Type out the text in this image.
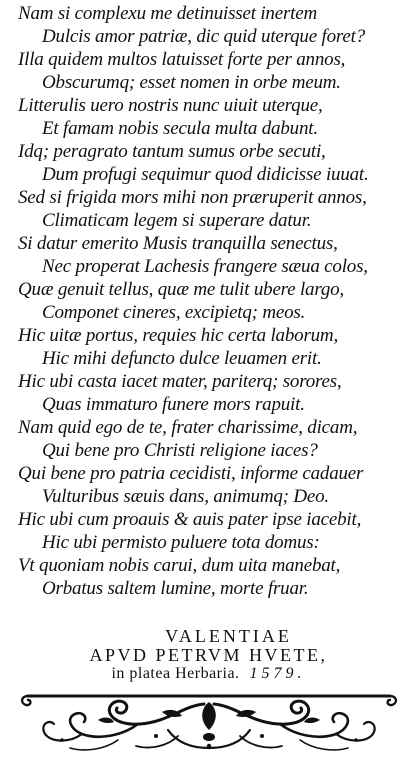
Nam si complexu me detinuisset inertem
Dulcis amor patriæ, dic quid uterque foret?
Illa quidem multos latuisset forte per annos,
Obscurumq; esset nomen in orbe meum.
Litterulis uero nostris nunc uiuit uterque,
Et famam nobis secula multa dabunt.
Idq; peragrato tantum sumus orbe secuti,
Dum profugi sequimur quod didicisse iuuat.
Sed si frigida mors mihi non præruperit annos,
Climaticam legem si superare datur.
Si datur emerito Musis tranquilla senectus,
Nec properat Lachesis frangere sæua colos,
Quæ genuit tellus, quæ me tulit ubere largo,
Componet cineres, excipietq; meos.
Hic uitæ portus, requies hic certa laborum,
Hic mihi defuncto dulce leuamen erit.
Hic ubi casta iacet mater, pariterq; sorores,
Quas immaturo funere mors rapuit.
Nam quid ego de te, frater charissime, dicam,
Qui bene pro Christi religione iaces?
Qui bene pro patria cecidisti, informe cadauer
Vulturibus sæuis dans, animumq; Deo.
Hic ubi cum proauis & auis pater ipse iacebit,
Hic ubi permisto puluere tota domus:
Vt quoniam nobis carui, dum uita manebat,
Orbatus saltem lumine, morte fruar.
VALENTIAE
APVD PETRVM HVETE,
in platea Herbaria. 1579.
